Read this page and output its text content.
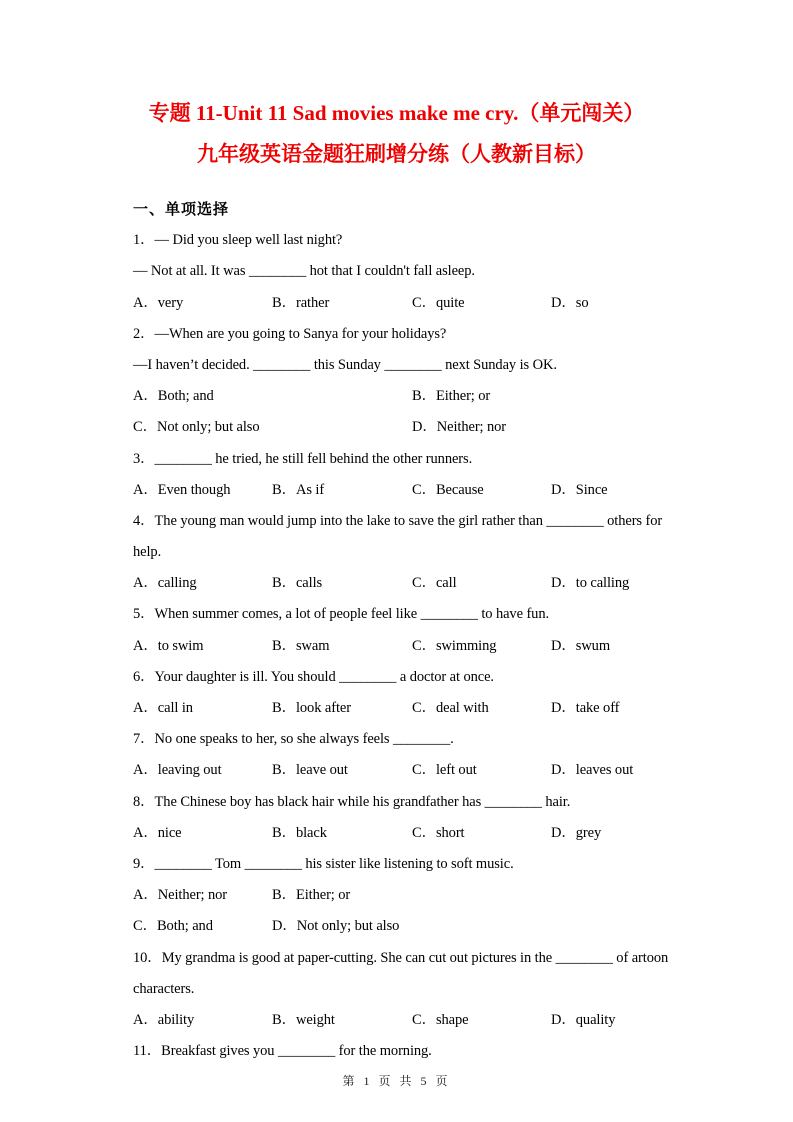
专题 11-Unit 11 Sad movies make me cry.（单元闯关）
九年级英语金题狂刷增分练（人教新目标）
一、单项选择
1．— Did you sleep well last night?
— Not at all. It was ________ hot that I couldn't fall asleep.
A．very	B．rather	C．quite	D．so
2．—When are you going to Sanya for your holidays?
—I haven’t decided. ________ this Sunday ________ next Sunday is OK.
A．Both; and	B．Either; or
C．Not only; but also	D．Neither; nor
3．________ he tried, he still fell behind the other runners.
A．Even though	B．As if	C．Because	D．Since
4．The young man would jump into the lake to save the girl rather than ________ others for
help.
A．calling	B．calls	C．call	D．to calling
5．When summer comes, a lot of people feel like ________ to have fun.
A．to swim	B．swam	C．swimming	D．swum
6．Your daughter is ill. You should ________ a doctor at once.
A．call in	B．look after	C．deal with	D．take off
7．No one speaks to her, so she always feels ________.
A．leaving out	B．leave out	C．left out	D．leaves out
8．The Chinese boy has black hair while his grandfather has ________ hair.
A．nice	B．black	C．short	D．grey
9．________ Tom ________ his sister like listening to soft music.
A．Neither; nor	B．Either; or
C．Both; and	D．Not only; but also
10．My grandma is good at paper-cutting. She can cut out pictures in the ________ of artoon
characters.
A．ability	B．weight	C．shape	D．quality
11．Breakfast gives you ________ for the morning.
第 1 页 共 5 页
